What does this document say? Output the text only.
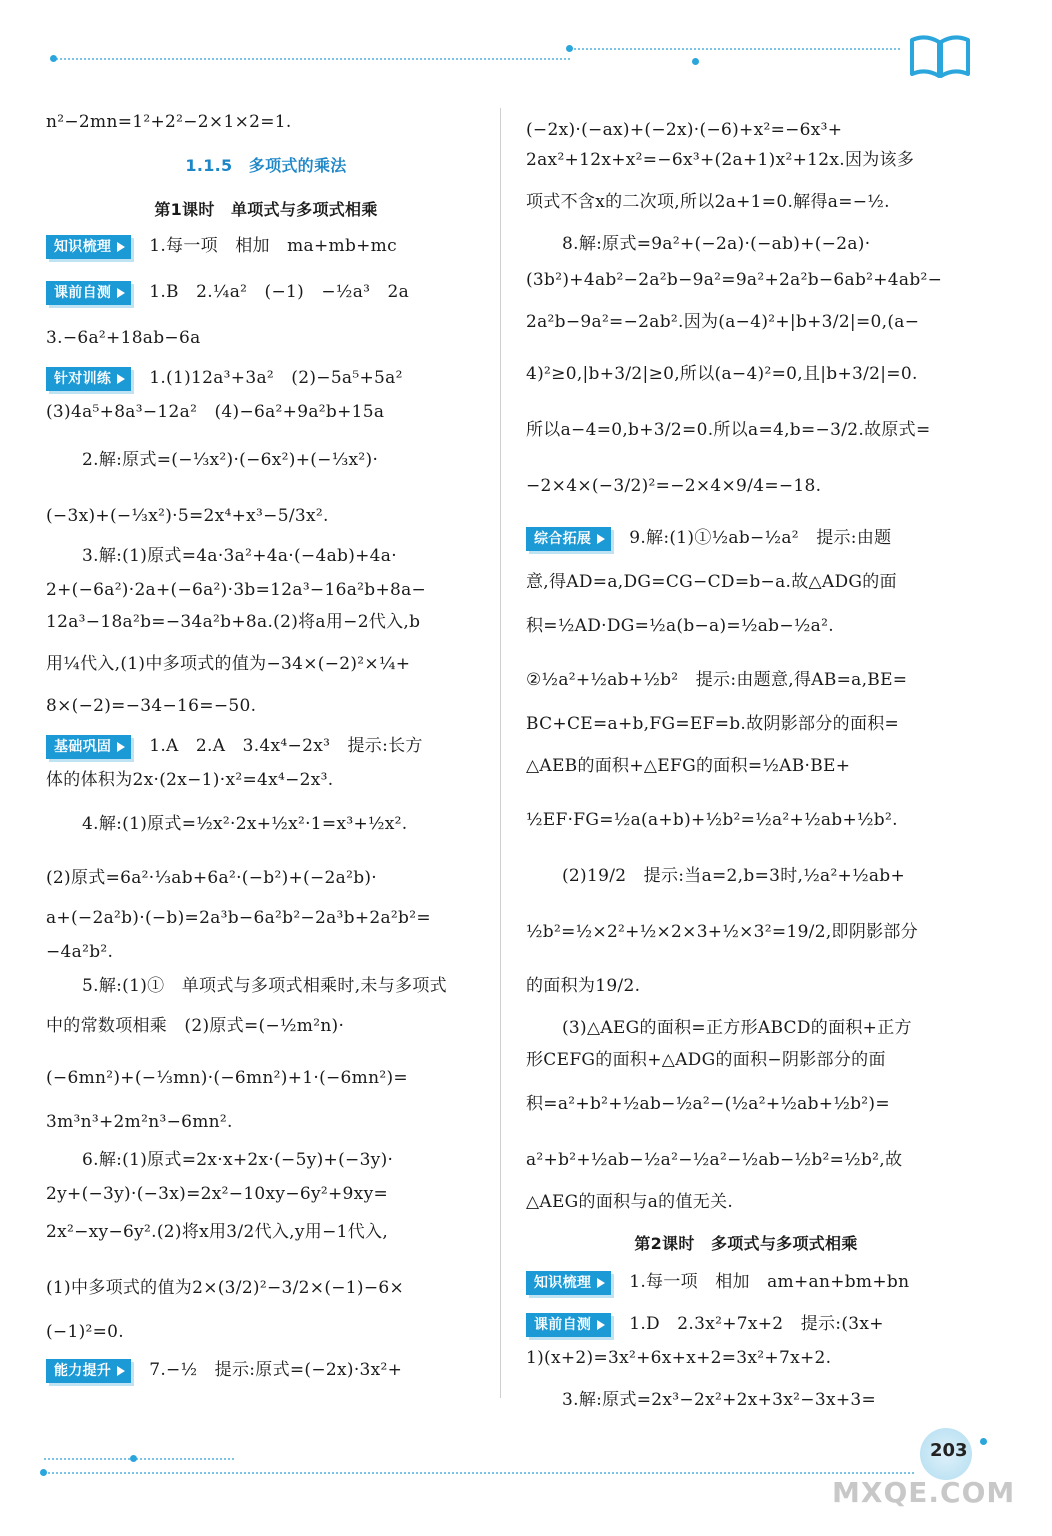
n²−2mn=1²+2²−2×1×2=1.
1.1.5　多项式的乘法
第1课时　单项式与多项式相乘
知识梳理 1.每一项　相加　ma+mb+mc
课前自测 1.B　2.¼a²　(−1)　−½a³　2a
3.−6a²+18ab−6a
针对训练 1.(1)12a³+3a²　(2)−5a⁵+5a²
(3)4a⁵+8a³−12a²　(4)−6a²+9a²b+15a
2.解:原式=(−⅓x²)·(−6x²)+(−⅓x²)·
(−3x)+(−⅓x²)·5=2x⁴+x³−5/3x².
3.解:(1)原式=4a·3a²+4a·(−4ab)+4a·
2+(−6a²)·2a+(−6a²)·3b=12a³−16a²b+8a−
12a³−18a²b=−34a²b+8a.(2)将a用−2代入,b
用¼代入,(1)中多项式的值为−34×(−2)²×¼+
8×(−2)=−34−16=−50.
基础巩固 1.A　2.A　3.4x⁴−2x³　提示:长方
体的体积为2x·(2x−1)·x²=4x⁴−2x³.
4.解:(1)原式=½x²·2x+½x²·1=x³+½x².
(2)原式=6a²·⅓ab+6a²·(−b²)+(−2a²b)·
a+(−2a²b)·(−b)=2a³b−6a²b²−2a³b+2a²b²=
−4a²b².
5.解:(1)①　单项式与多项式相乘时,未与多项式
中的常数项相乘　(2)原式=(−½m²n)·
(−6mn²)+(−⅓mn)·(−6mn²)+1·(−6mn²)=
3m³n³+2m²n³−6mn².
6.解:(1)原式=2x·x+2x·(−5y)+(−3y)·
2y+(−3y)·(−3x)=2x²−10xy−6y²+9xy=
2x²−xy−6y².(2)将x用3/2代入,y用−1代入,
(1)中多项式的值为2×(3/2)²−3/2×(−1)−6×
(−1)²=0.
能力提升 7.−½　提示:原式=(−2x)·3x²+
(−2x)·(−ax)+(−2x)·(−6)+x²=−6x³+
2ax²+12x+x²=−6x³+(2a+1)x²+12x.因为该多
项式不含x的二次项,所以2a+1=0.解得a=−½.
8.解:原式=9a²+(−2a)·(−ab)+(−2a)·
(3b²)+4ab²−2a²b−9a²=9a²+2a²b−6ab²+4ab²−
2a²b−9a²=−2ab².因为(a−4)²+|b+3/2|=0,(a−
4)²≥0,|b+3/2|≥0,所以(a−4)²=0,且|b+3/2|=0.
所以a−4=0,b+3/2=0.所以a=4,b=−3/2.故原式=
−2×4×(−3/2)²=−2×4×9/4=−18.
综合拓展 9.解:(1)①½ab−½a²　提示:由题
意,得AD=a,DG=CG−CD=b−a.故△ADG的面
积=½AD·DG=½a(b−a)=½ab−½a².
②½a²+½ab+½b²　提示:由题意,得AB=a,BE=
BC+CE=a+b,FG=EF=b.故阴影部分的面积=
△AEB的面积+△EFG的面积=½AB·BE+
½EF·FG=½a(a+b)+½b²=½a²+½ab+½b².
(2)19/2　提示:当a=2,b=3时,½a²+½ab+
½b²=½×2²+½×2×3+½×3²=19/2,即阴影部分
的面积为19/2.
(3)△AEG的面积=正方形ABCD的面积+正方
形CEFG的面积+△ADG的面积−阴影部分的面
积=a²+b²+½ab−½a²−(½a²+½ab+½b²)=
a²+b²+½ab−½a²−½a²−½ab−½b²=½b²,故
△AEG的面积与a的值无关.
第2课时　多项式与多项式相乘
知识梳理 1.每一项　相加　am+an+bm+bn
课前自测 1.D　2.3x²+7x+2　提示:(3x+
1)(x+2)=3x²+6x+x+2=3x²+7x+2.
3.解:原式=2x³−2x²+2x+3x²−3x+3=
203
MXQE.COM
